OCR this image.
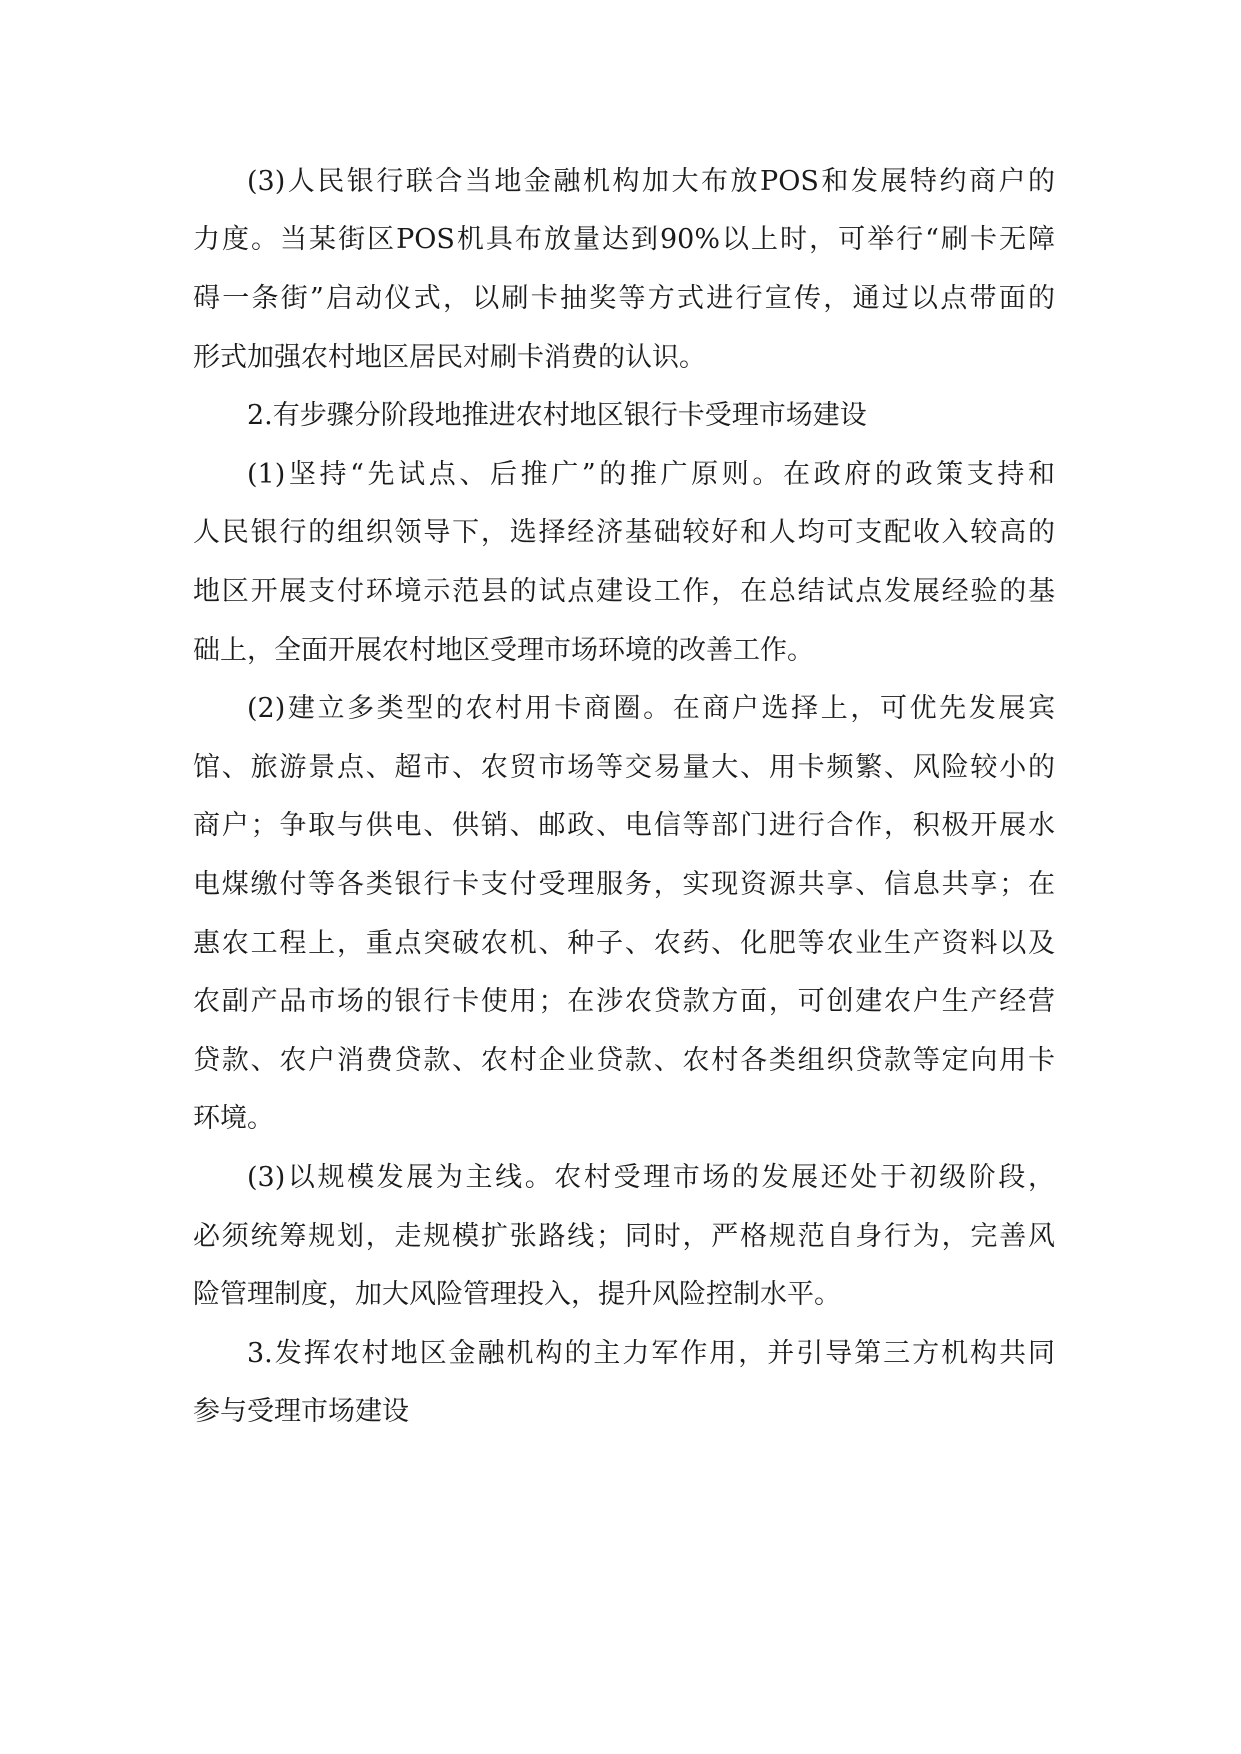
(3)人民银行联合当地金融机构加大布放POS和发展特约商户的
力度。当某街区POS机具布放量达到90%以上时，可举行“刷卡无障
碍一条街”启动仪式，以刷卡抽奖等方式进行宣传，通过以点带面的
形式加强农村地区居民对刷卡消费的认识。
2.有步骤分阶段地推进农村地区银行卡受理市场建设
(1)坚持“先试点、后推广”的推广原则。在政府的政策支持和
人民银行的组织领导下，选择经济基础较好和人均可支配收入较高的
地区开展支付环境示范县的试点建设工作，在总结试点发展经验的基
础上，全面开展农村地区受理市场环境的改善工作。
(2)建立多类型的农村用卡商圈。在商户选择上，可优先发展宾
馆、旅游景点、超市、农贸市场等交易量大、用卡频繁、风险较小的
商户；争取与供电、供销、邮政、电信等部门进行合作，积极开展水
电煤缴付等各类银行卡支付受理服务，实现资源共享、信息共享；在
惠农工程上，重点突破农机、种子、农药、化肥等农业生产资料以及
农副产品市场的银行卡使用；在涉农贷款方面，可创建农户生产经营
贷款、农户消费贷款、农村企业贷款、农村各类组织贷款等定向用卡
环境。
(3)以规模发展为主线。农村受理市场的发展还处于初级阶段，
必须统筹规划，走规模扩张路线；同时，严格规范自身行为，完善风
险管理制度，加大风险管理投入，提升风险控制水平。
3.发挥农村地区金融机构的主力军作用，并引导第三方机构共同
参与受理市场建设
